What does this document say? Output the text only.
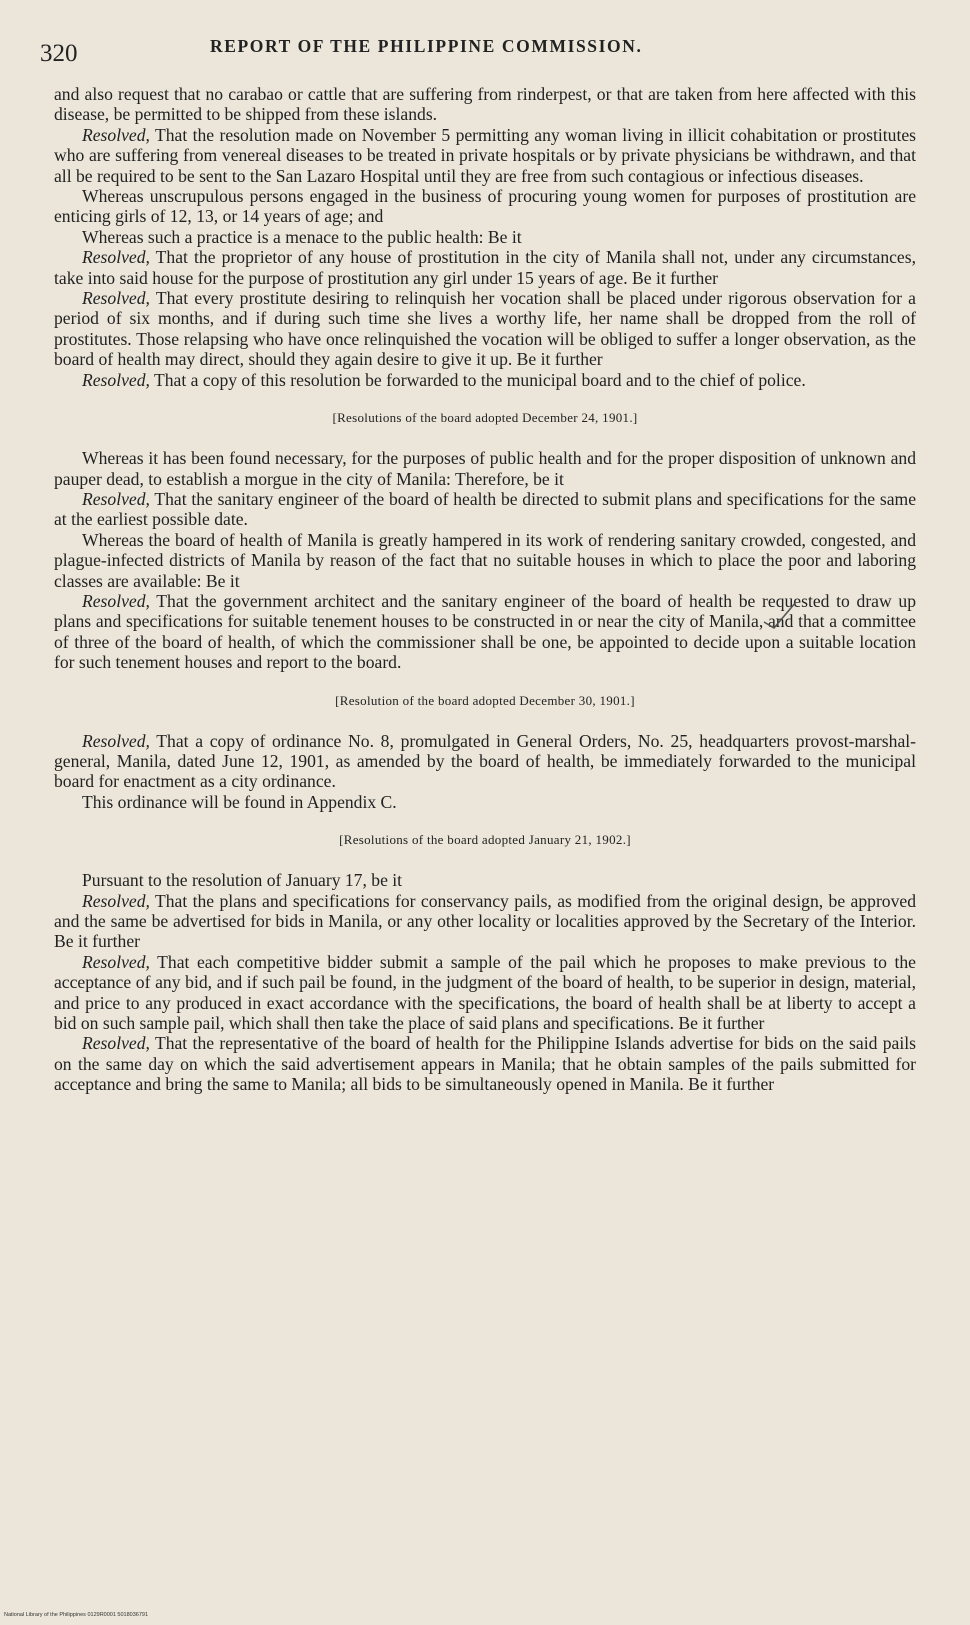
320	REPORT OF THE PHILIPPINE COMMISSION.

and also request that no carabao or cattle that are suffering from rinderpest, or that are taken from here affected with this disease, be permitted to be shipped from these islands.

Resolved, That the resolution made on November 5 permitting any woman living in illicit cohabitation or prostitutes who are suffering from venereal diseases to be treated in private hospitals or by private physicians be withdrawn, and that all be required to be sent to the San Lazaro Hospital until they are free from such contagious or infectious diseases.

Whereas unscrupulous persons engaged in the business of procuring young women for purposes of prostitution are enticing girls of 12, 13, or 14 years of age; and

Whereas such a practice is a menace to the public health: Be it

Resolved, That the proprietor of any house of prostitution in the city of Manila shall not, under any circumstances, take into said house for the purpose of prostitution any girl under 15 years of age. Be it further

Resolved, That every prostitute desiring to relinquish her vocation shall be placed under rigorous observation for a period of six months, and if during such time she lives a worthy life, her name shall be dropped from the roll of prostitutes. Those relapsing who have once relinquished the vocation will be obliged to suffer a longer observation, as the board of health may direct, should they again desire to give it up. Be it further

Resolved, That a copy of this resolution be forwarded to the municipal board and to the chief of police.

[Resolutions of the board adopted December 24, 1901.]

Whereas it has been found necessary, for the purposes of public health and for the proper disposition of unknown and pauper dead, to establish a morgue in the city of Manila: Therefore, be it

Resolved, That the sanitary engineer of the board of health be directed to submit plans and specifications for the same at the earliest possible date.

Whereas the board of health of Manila is greatly hampered in its work of rendering sanitary crowded, congested, and plague-infected districts of Manila by reason of the fact that no suitable houses in which to place the poor and laboring classes are available: Be it

Resolved, That the government architect and the sanitary engineer of the board of health be requested to draw up plans and specifications for suitable tenement houses to be constructed in or near the city of Manila, and that a committee of three of the board of health, of which the commissioner shall be one, be appointed to decide upon a suitable location for such tenement houses and report to the board.

[Resolution of the board adopted December 30, 1901.]

Resolved, That a copy of ordinance No. 8, promulgated in General Orders, No. 25, headquarters provost-marshal-general, Manila, dated June 12, 1901, as amended by the board of health, be immediately forwarded to the municipal board for enactment as a city ordinance.

This ordinance will be found in Appendix C.

[Resolutions of the board adopted January 21, 1902.]

Pursuant to the resolution of January 17, be it

Resolved, That the plans and specifications for conservancy pails, as modified from the original design, be approved and the same be advertised for bids in Manila, or any other locality or localities approved by the Secretary of the Interior. Be it further

Resolved, That each competitive bidder submit a sample of the pail which he proposes to make previous to the acceptance of any bid, and if such pail be found, in the judgment of the board of health, to be superior in design, material, and price to any produced in exact accordance with the specifications, the board of health shall be at liberty to accept a bid on such sample pail, which shall then take the place of said plans and specifications. Be it further

Resolved, That the representative of the board of health for the Philippine Islands advertise for bids on the said pails on the same day on which the said advertisement appears in Manila; that he obtain samples of the pails submitted for acceptance and bring the same to Manila; all bids to be simultaneously opened in Manila. Be it further

National Library of the Philippines 0129R0001 5018036791
